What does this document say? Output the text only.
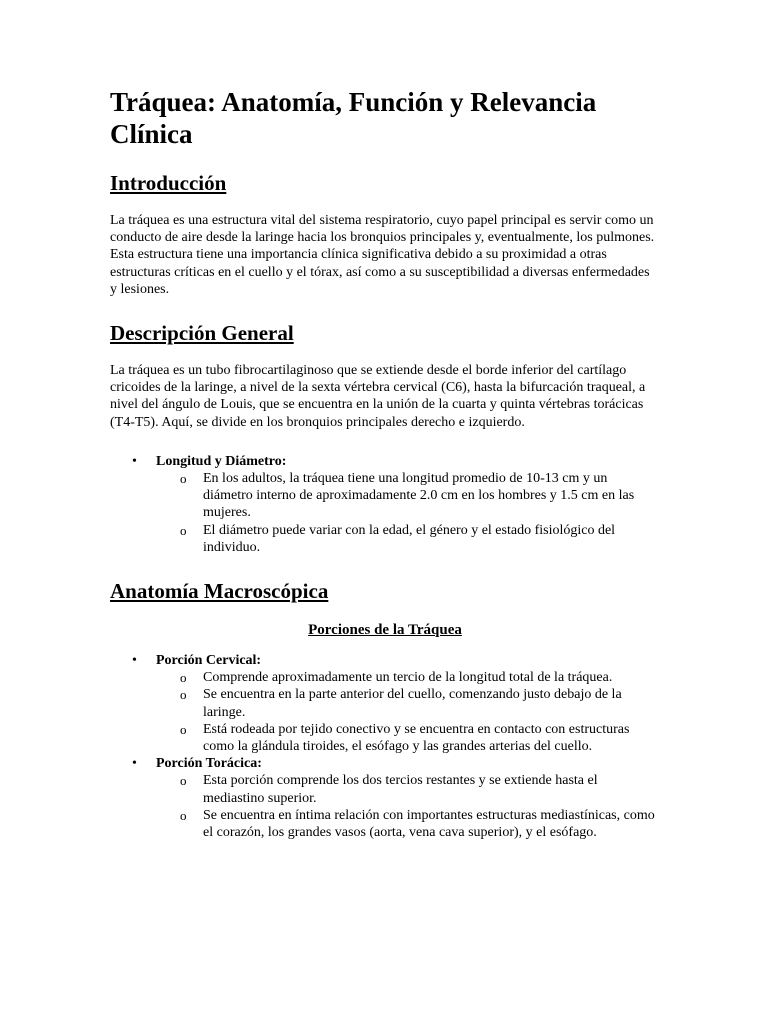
Tráquea: Anatomía, Función y Relevancia Clínica
Introducción

La tráquea es una estructura vital del sistema respiratorio, cuyo papel principal es servir como un conducto de aire desde la laringe hacia los bronquios principales y, eventualmente, los pulmones. Esta estructura tiene una importancia clínica significativa debido a su proximidad a otras estructuras críticas en el cuello y el tórax, así como a su susceptibilidad a diversas enfermedades y lesiones.

Descripción General

La tráquea es un tubo fibrocartilaginoso que se extiende desde el borde inferior del cartílago cricoides de la laringe, a nivel de la sexta vértebra cervical (C6), hasta la bifurcación traqueal, a nivel del ángulo de Louis, que se encuentra en la unión de la cuarta y quinta vértebras torácicas (T4-T5). Aquí, se divide en los bronquios principales derecho e izquierdo.

• Longitud y Diámetro:
o En los adultos, la tráquea tiene una longitud promedio de 10-13 cm y un diámetro interno de aproximadamente 2.0 cm en los hombres y 1.5 cm en las mujeres.
o El diámetro puede variar con la edad, el género y el estado fisiológico del individuo.
Anatomía Macroscópica
Porciones de la Tráquea
• Porción Cervical:
o Comprende aproximadamente un tercio de la longitud total de la tráquea.
o Se encuentra en la parte anterior del cuello, comenzando justo debajo de la laringe.
o Está rodeada por tejido conectivo y se encuentra en contacto con estructuras como la glándula tiroides, el esófago y las grandes arterias del cuello.
• Porción Torácica:
o Esta porción comprende los dos tercios restantes y se extiende hasta el mediastino superior.
o Se encuentra en íntima relación con importantes estructuras mediastínicas, como el corazón, los grandes vasos (aorta, vena cava superior), y el esófago.
